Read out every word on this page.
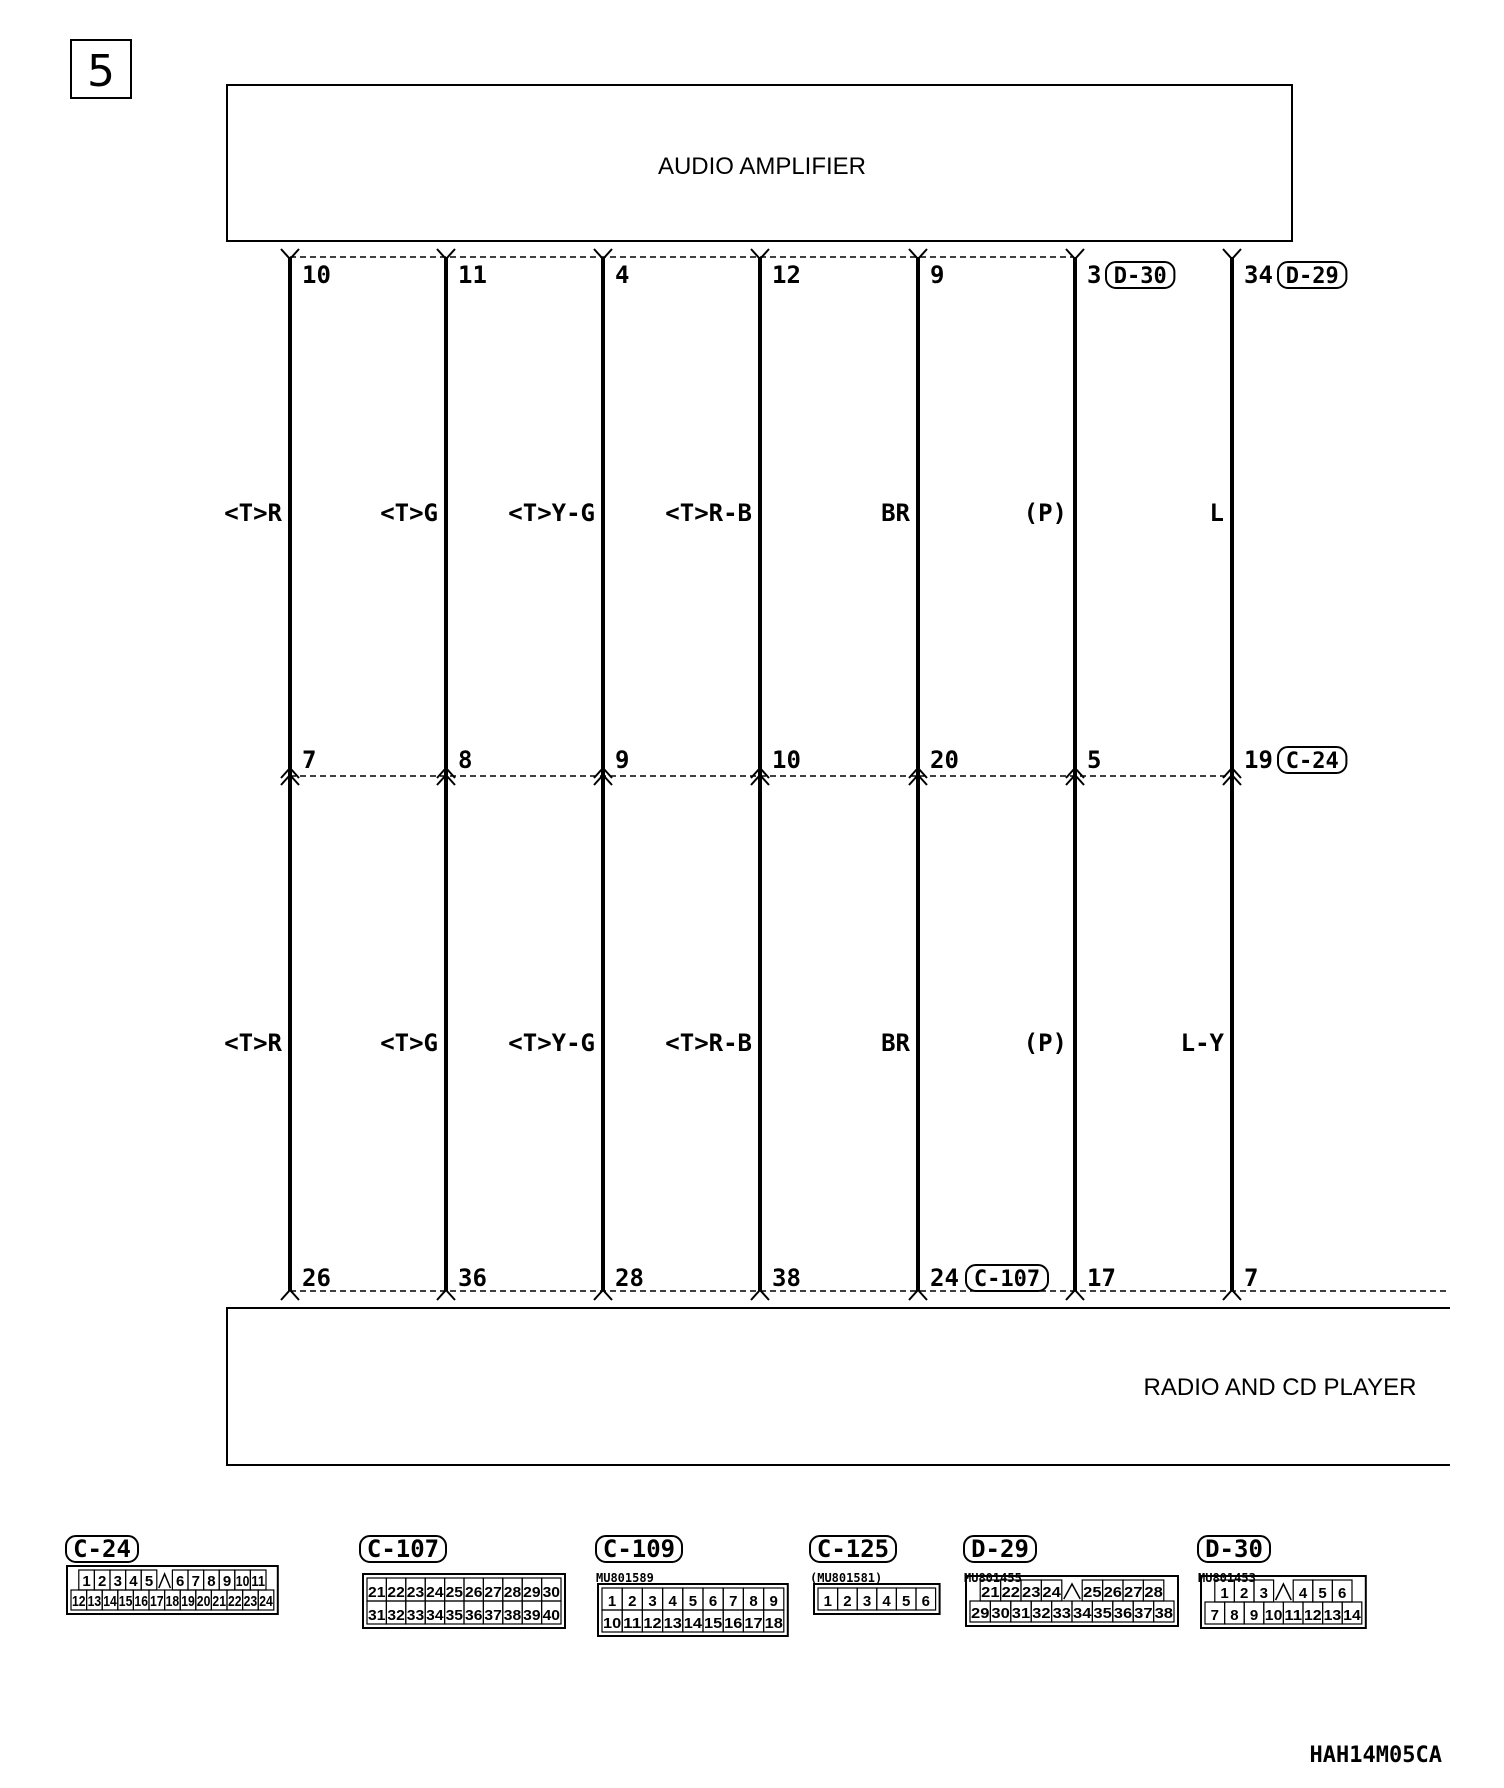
5
AUDIO AMPLIFIER
RADIO AND CD PLAYER
10
7
26
<T>R
<T>R
11
8
36
<T>G
<T>G
4
9
28
<T>Y-G
<T>Y-G
12
10
38
<T>R-B
<T>R-B
9
20
24
BR
BR
3
5
17
(P)
(P)
34
19
7
L
L-Y
D-30	D-29
C-24
C-107
C-24
1 2 3 4 5 6 7 8 9 10 11
12 13 14 15 16 17 18 19 20 21 22 23 24
C-107
21 22 23 24 25 26 27 28 29 30
31 32 33 34 35 36 37 38 39 40
C-109
MU801589
1 2 3 4 5 6 7 8 9
10 11 12 13 14 15 16 17 18
C-125
(MU801581)
1 2 3 4 5 6
D-29
MU801455
21 22 23 24 25 26 27 28
29 30 31 32 33 34 35 36 37 38
D-30
MU801453
1 2 3 4 5 6
7 8 9 10 11 12 13 14
HAH14M05CA
